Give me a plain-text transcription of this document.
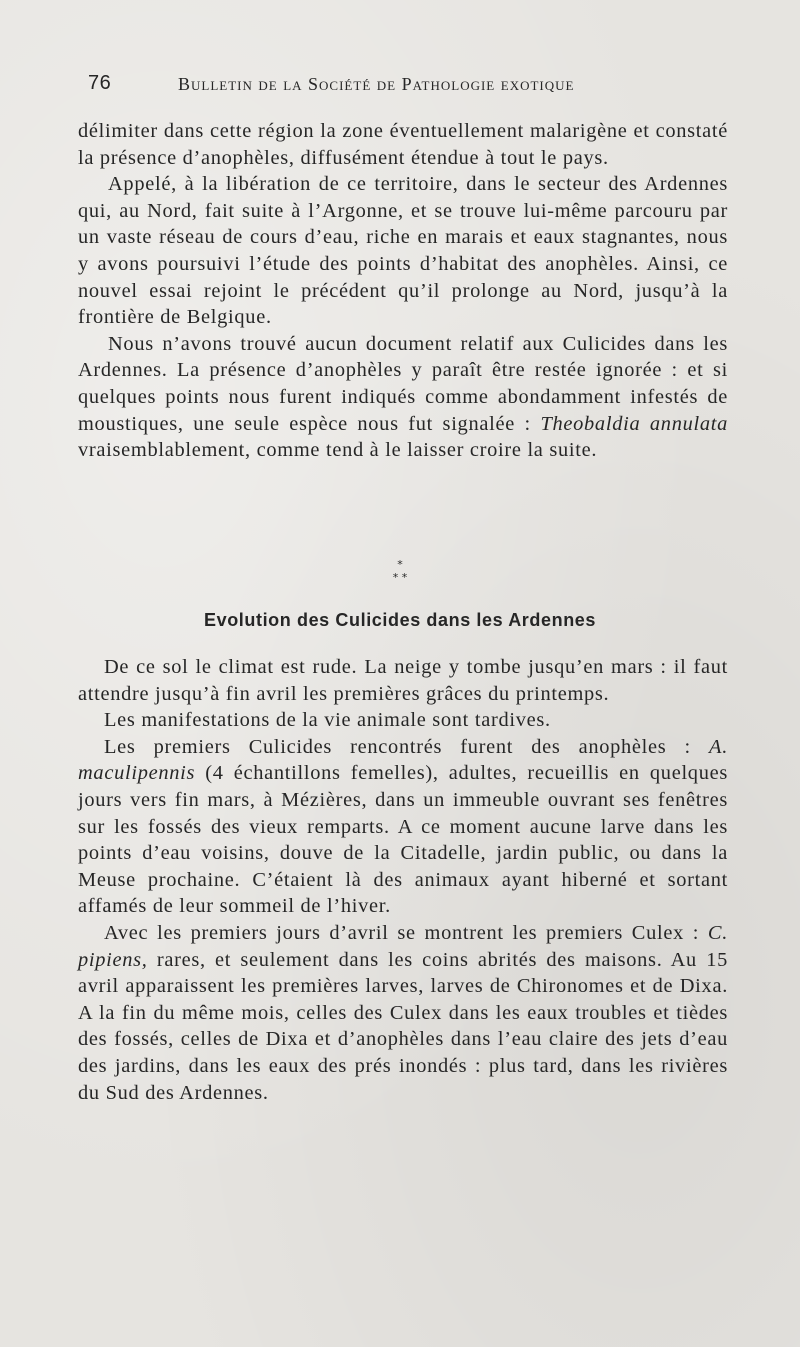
76	Bulletin de la Société de Pathologie exotique

délimiter dans cette région la zone éventuellement malarigène et constaté la présence d’anophèles, diffusément étendue à tout le pays.

Appelé, à la libération de ce territoire, dans le secteur des Ardennes qui, au Nord, fait suite à l’Argonne, et se trouve lui-même parcouru par un vaste réseau de cours d’eau, riche en marais et eaux stagnantes, nous y avons poursuivi l’étude des points d’habitat des anophèles. Ainsi, ce nouvel essai rejoint le précédent qu’il prolonge au Nord, jusqu’à la frontière de Belgique.

Nous n’avons trouvé aucun document relatif aux Culicides dans les Ardennes. La présence d’anophèles y paraît être restée ignorée : et si quelques points nous furent indiqués comme abondamment infestés de moustiques, une seule espèce nous fut signalée : Theobaldia annulata vraisemblablement, comme tend à le laisser croire la suite.

*
* *
Evolution des Culicides dans les Ardennes

De ce sol le climat est rude. La neige y tombe jusqu’en mars : il faut attendre jusqu’à fin avril les premières grâces du printemps.

Les manifestations de la vie animale sont tardives.

Les premiers Culicides rencontrés furent des anophèles : A. maculipennis (4 échantillons femelles), adultes, recueillis en quelques jours vers fin mars, à Mézières, dans un immeuble ouvrant ses fenêtres sur les fossés des vieux remparts. A ce moment aucune larve dans les points d’eau voisins, douve de la Citadelle, jardin public, ou dans la Meuse prochaine. C’étaient là des animaux ayant hiberné et sortant affamés de leur sommeil de l’hiver.

Avec les premiers jours d’avril se montrent les premiers Culex : C. pipiens, rares, et seulement dans les coins abrités des maisons. Au 15 avril apparaissent les premières larves, larves de Chironomes et de Dixa. A la fin du même mois, celles des Culex dans les eaux troubles et tièdes des fossés, celles de Dixa et d’anophèles dans l’eau claire des jets d’eau des jardins, dans les eaux des prés inondés : plus tard, dans les rivières du Sud des Ardennes.
